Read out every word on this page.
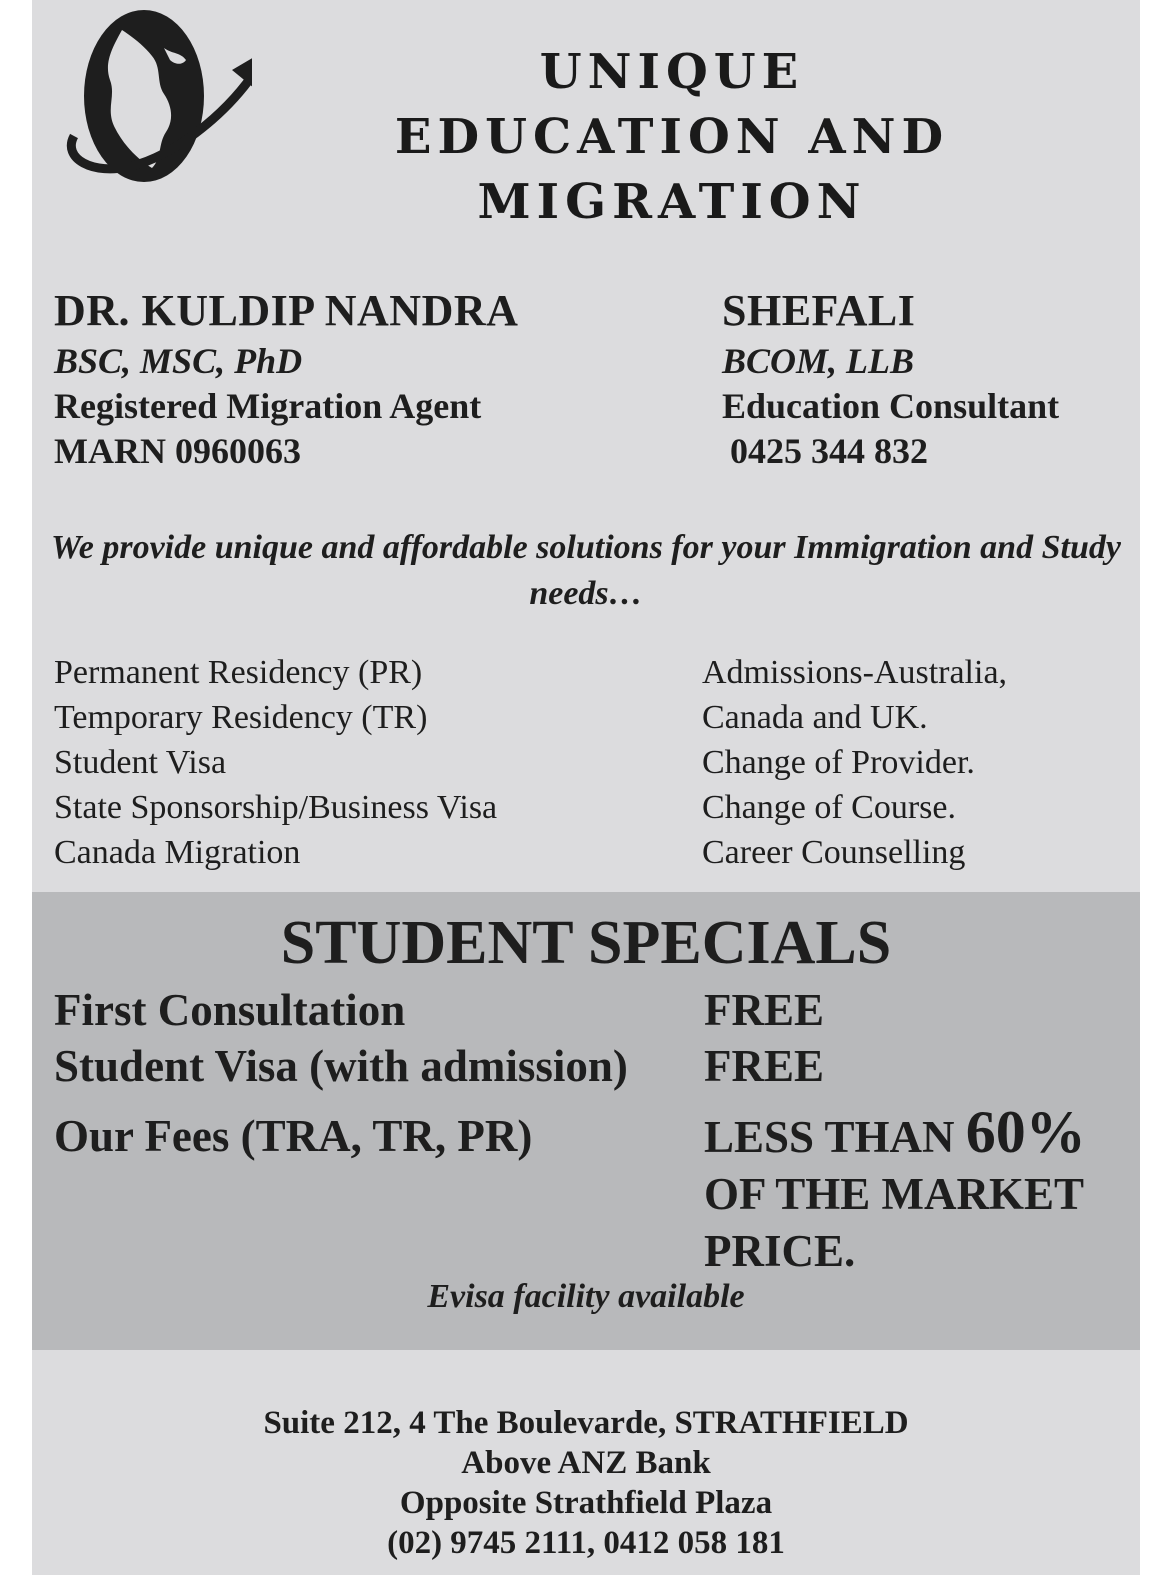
UNIQUE
EDUCATION AND
MIGRATION
DR. KULDIP NANDRA
BSC, MSC, PhD
Registered Migration Agent
MARN 0960063
SHEFALI
BCOM, LLB
Education Consultant
0425 344 832
We provide unique and affordable solutions for your Immigration and Study needs…
Permanent Residency (PR)
Temporary Residency (TR)
Student Visa
State Sponsorship/Business Visa
Canada Migration
Admissions-Australia,
Canada and UK.
Change of Provider.
Change of Course.
Career Counselling
STUDENT SPECIALS
First Consultation	FREE
Student Visa (with admission) FREE
Our Fees (TRA, TR, PR)	LESS THAN 60%
OF THE MARKET
PRICE.
Evisa facility available
Suite 212, 4 The Boulevarde, STRATHFIELD
Above ANZ Bank
Opposite Strathfield Plaza
(02) 9745 2111, 0412 058 181
